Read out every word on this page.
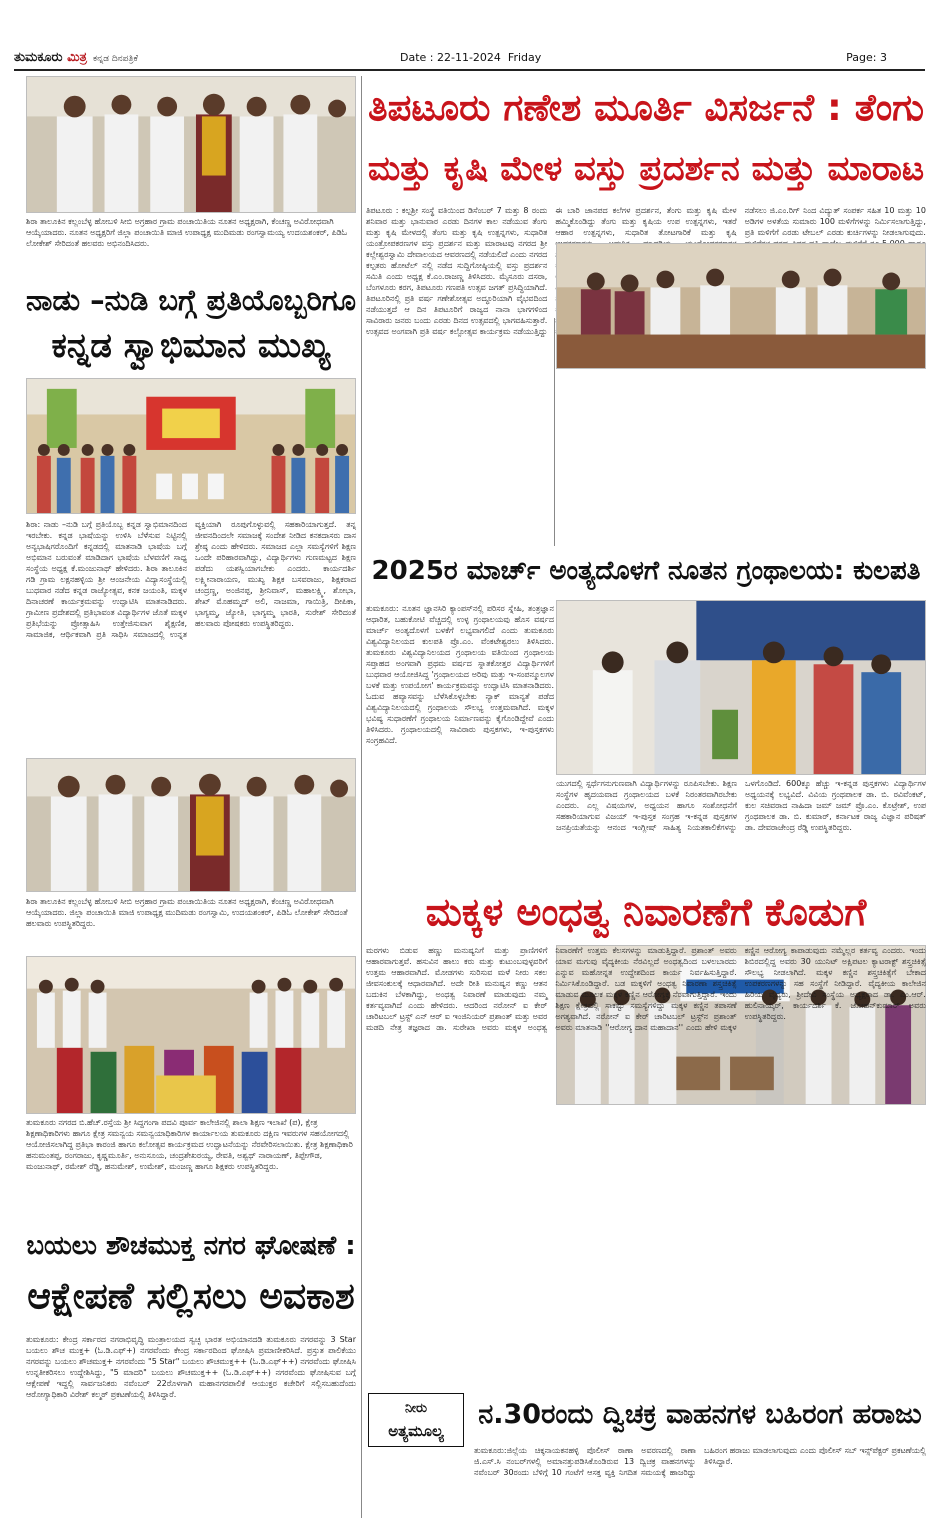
ತುಮಕೂರು ಮಿತ್ರ ಕನ್ನಡ ದಿನಪತ್ರಿಕೆ	Date : 22-11-2024 Friday	Page: 3
ಶಿರಾ ತಾಲೂಕಿನ ಕಲ್ಲಂಬೆಳ್ಳ ಹೋಬಳಿ ಸೀಬಿ ಅಗ್ರಹಾರ ಗ್ರಾಮ ಪಂಚಾಯಿತಿಯ ನೂತನ ಅಧ್ಯಕ್ಷರಾಗಿ, ಕೆಂಚಣ್ಣ ಅವಿರೋಧವಾಗಿ ಆಯ್ಕೆಯಾದರು. ನೂತನ ಅಧ್ಯಕ್ಷರಿಗೆ ಜಿಲ್ಲಾ ಪಂಚಾಯಿತಿ ಮಾಜಿ ಉಪಾಧ್ಯಕ್ಷ ಮುದಿಮಡು ರಂಗಸ್ವಾಮಯ್ಯ ಉದಯಶಂಕರ್, ಪಿಡಿಓ ಲೋಕೇಶ್ ಸೇರಿದಂತೆ ಹಲವರು ಅಭಿನಂದಿಸಿದರು.
ನಾಡು –ನುಡಿ ಬಗ್ಗೆ ಪ್ರತಿಯೊಬ್ಬರಿಗೂ
ಕನ್ನಡ ಸ್ವಾಭಿಮಾನ ಮುಖ್ಯ
ಶಿರಾ: ನಾಡು –ನುಡಿ ಬಗ್ಗೆ ಪ್ರತಿಯೊಬ್ಬ ಕನ್ನಡ ಸ್ವಾಭಿಮಾನದಿಂದ ಇರಬೇಕು. ಕನ್ನಡ ಭಾಷೆಯನ್ನು ಉಳಿಸಿ ಬೆಳೆಸುವ ನಿಟ್ಟಿನಲ್ಲಿ ಅನ್ಯಭಾಷಿಗರೊಂದಿಗೆ ಕನ್ನಡದಲ್ಲಿ ಮಾತನಾಡಿ ಭಾಷೆಯ ಬಗ್ಗೆ ಅಭಿಮಾನ ಬರುವಂತೆ ಮಾಡಿದಾಗ ಭಾಷೆಯ ಬೆಳವಣಿಗೆ ಸಾಧ್ಯ ಸಂಸ್ಥೆಯ ಅಧ್ಯಕ್ಷ ಕೆ.ಮಂಜುನಾಥ್ ಹೇಳಿದರು. ಶಿರಾ ತಾಲೂಕಿನ ಗಡಿ ಗ್ರಾಮ ಲಕ್ಷನಹಳ್ಳಿಯ ಶ್ರೀ ಆಂಜನೇಯ ವಿದ್ಯಾಸಂಸ್ಥೆಯಲ್ಲಿ ಬುಧವಾರ ನಡೆದ ಕನ್ನಡ ರಾಜ್ಯೋತ್ಸವ, ಕನಕ ಜಯಂತಿ, ಮಕ್ಕಳ ದಿನಾಚರಣೆ ಕಾರ್ಯಕ್ರಮವನ್ನು ಉದ್ಘಾಟಿಸಿ ಮಾತನಾಡಿದರು. ಗ್ರಾಮೀಣ ಪ್ರದೇಶದಲ್ಲಿ ಪ್ರತಿಭಾವಂತ ವಿದ್ಯಾರ್ಥಿಗಳ ಜೊತೆ ಮಕ್ಕಳ ಪ್ರತಿಭೆಯನ್ನು ಪ್ರೋತ್ಸಾಹಿಸಿ ಉತ್ತೇಜಿಸುವಾಗ ಶೈಕ್ಷಣಿಕ, ಸಾಮಾಜಿಕ, ಆರ್ಥಿಕವಾಗಿ ಪ್ರತಿ ಸಾಧಿಸಿ ಸಮಾಜದಲ್ಲಿ ಉನ್ನತ ವ್ಯಕ್ತಿಯಾಗಿ ರೂಪುಗೊಳ್ಳುವಲ್ಲಿ ಸಹಕಾರಿಯಾಗುತ್ತದೆ. ತನ್ನ ಜೀವನದಿಂದಲೇ ಸಮಾಜಕ್ಕೆ ಸಂದೇಶ ನೀಡಿದ ಕನಕದಾಸರು ದಾಸ ಶ್ರೇಷ್ಠ ಎಂದು ಹೇಳಿದರು. ಸಮಾಜದ ಎಲ್ಲಾ ಸಮಸ್ಯೆಗಳಿಗೆ ಶಿಕ್ಷಣ ಒಂದೇ ಪರಿಹಾರವಾಗಿದ್ದು, ವಿದ್ಯಾರ್ಥಿಗಳು ಗುಣಮಟ್ಟದ ಶಿಕ್ಷಣ ಪಡೆದು ಯಶಸ್ವಿಯಾಗಬೇಕು ಎಂದರು. ಕಾರ್ಯದರ್ಶಿ ಲಕ್ಷ್ಮೀನಾರಾಯಣ, ಮುಖ್ಯ ಶಿಕ್ಷಕ ಬಸವರಾಜು, ಶಿಕ್ಷಕರಾದ ಚಂದ್ರಣ್ಣ, ಅಂಜಿನಪ್ಪ, ಶ್ರೀನಿವಾಸ್, ಮಹಾಲಕ್ಷ್ಮಿ, ಶೋಭಾ, ಶೇಖ್ ಮೊಹಮ್ಮದ್ ಅಲಿ, ನಾಜಮಾ, ಗಾಯಿತ್ರಿ, ದೀಪಿಕಾ, ಭಾಗ್ಯಮ್ಮ, ಜ್ಯೋತಿ, ಭಾಗ್ಯಮ್ಮ ಭಾರತಿ, ಸುರೇಶ್ ಸೇರಿದಂತೆ ಹಲವಾರು ಪೋಷಕರು ಉಪಸ್ಥಿತರಿದ್ದರು.
ಶಿರಾ ತಾಲೂಕಿನ ಕಲ್ಲಂಬೆಳ್ಳ ಹೋಬಳಿ ಸೀಬಿ ಅಗ್ರಹಾರ ಗ್ರಾಮ ಪಂಚಾಯಿತಿಯ ನೂತನ ಅಧ್ಯಕ್ಷರಾಗಿ, ಕೆಂಚಣ್ಣ ಅವಿರೋಧವಾಗಿ ಆಯ್ಕೆಯಾದರು. ಜಿಲ್ಲಾ ಪಂಚಾಯಿತಿ ಮಾಜಿ ಉಪಾಧ್ಯಕ್ಷ ಮುದಿಮಡು ರಂಗಸ್ವಾಮಿ, ಉದಯಶಂಕರ್, ಪಿಡಿಓ ಲೋಕೇಶ್ ಸೇರಿದಂತೆ ಹಲವಾರು ಉಪಸ್ಥಿತರಿದ್ದರು.
ತುಮಕೂರು ನಗರದ ಬಿ.ಹೆಚ್.ರಸ್ತೆಯ ಶ್ರೀ ಸಿದ್ದಗಂಗಾ ಪದವಿ ಪೂರ್ವ ಕಾಲೇಜಿನಲ್ಲಿ ಶಾಲಾ ಶಿಕ್ಷಣ ಇಲಾಖೆ (ಪ), ಕ್ಷೇತ್ರ ಶಿಕ್ಷಣಾಧಿಕಾರಿಗಳು ಹಾಗೂ ಕ್ಷೇತ್ರ ಸಮನ್ವಯ ಸಮನ್ವಯಾಧಿಕಾರಿಗಳ ಕಾರ್ಯಾಲಯ ತುಮಕೂರು ದಕ್ಷಿಣ ಇವರುಗಳ ಸಹಯೋಗದಲ್ಲಿ ಆಯೋಜಿಸಲಾಗಿದ್ದ ಪ್ರತಿಭಾ ಕಾರಂಜಿ ಹಾಗೂ ಕಲೋತ್ಸವ ಕಾರ್ಯಕ್ರಮದ ಉದ್ಘಾಟನೆಯನ್ನು ನೆರವೇರಿಸಲಾಯಿತು. ಕ್ಷೇತ್ರ ಶಿಕ್ಷಣಾಧಿಕಾರಿ ಹನುಮಂತಪ್ಪ, ರಂಗರಾಜು, ಕೃಷ್ಣಮೂರ್ತಿ, ಅನುಸೂಯ, ಚಂದ್ರಶೇಖರಯ್ಯ, ರೇವತಿ, ಅಶ್ವಥ್ ನಾರಾಯಣ್, ತಿಪ್ಪೇಗೌಡ, ಮಂಜುನಾಥ್, ರಮೇಶ್ ರೆಡ್ಡಿ, ಹನುಮೇಶ್, ಉಮೇಶ್, ಮಂಜಣ್ಣ ಹಾಗೂ ಶಿಕ್ಷಕರು ಉಪಸ್ಥಿತರಿದ್ದರು.
ಬಯಲು ಶೌಚಮುಕ್ತ ನಗರ ಘೋಷಣೆ :
ಆಕ್ಷೇಪಣೆ ಸಲ್ಲಿಸಲು ಅವಕಾಶ
ತುಮಕೂರು: ಕೇಂದ್ರ ಸರ್ಕಾರದ ನಗರಾಭಿವೃದ್ಧಿ ಮಂತ್ರಾಲಯದ ಸ್ವಚ್ಛ ಭಾರತ ಅಭಿಯಾನದಡಿ ತುಮಕೂರು ನಗರವನ್ನು 3 Star ಬಯಲು ಶೌಚ ಮುಕ್ತ+ (ಓ.ಡಿ.ಎಫ್+) ನಗರವೆಂದು ಕೇಂದ್ರ ಸರ್ಕಾರದಿಂದ ಘೋಷಿಸಿ ಪ್ರಮಾಣೀಕರಿಸಿದೆ. ಪ್ರಸ್ತುತ ಪಾಲಿಕೆಯು ನಗರವನ್ನು ಬಯಲು ಶೌಚಮುಕ್ತ+ ನಗರವೆಂದು "5 Star" ಬಯಲು ಶೌಚಮುಕ್ತ++ (ಓ.ಡಿ.ಎಫ್++) ನಗರವೆಂದು ಘೋಷಿಸಿ ಉನ್ನತೀಕರಿಸಲು ಉದ್ದೇಶಿಸಿದ್ದು, "5 ಮಾದರಿ" ಬಯಲು ಶೌಚಮುಕ್ತ++ (ಓ.ಡಿ.ಎಫ್++) ನಗರವೆಂದು ಘೋಷಿಸುವ ಬಗ್ಗೆ ಆಕ್ಷೇಪಣೆ ಇದ್ದಲ್ಲಿ ಸಾರ್ವಜನಿಕರು ನವೆಂಬರ್ 22ರೊಳಗಾಗಿ ಮಹಾನಗರಪಾಲಿಕೆ ಆಯುಕ್ತರ ಕಚೇರಿಗೆ ಸಲ್ಲಿಸಬಹುದೆಂದು ಆರೋಗ್ಯಾಧಿಕಾರಿ ವಿರೇಶ್ ಕಲ್ಮಠ್ ಪ್ರಕಟಣೆಯಲ್ಲಿ ತಿಳಿಸಿದ್ದಾರೆ.
ತಿಪಟೂರು ಗಣೇಶ ಮೂರ್ತಿ ವಿಸರ್ಜನೆ : ತೆಂಗು
ಮತ್ತು ಕೃಷಿ ಮೇಳ ವಸ್ತು ಪ್ರದರ್ಶನ ಮತ್ತು ಮಾರಾಟ
ತಿಪಟೂರು : ಕಲ್ಪಶ್ರೀ ಸಂಸ್ಥೆ ವತಿಯಿಂದ ಡಿಸೆಂಬರ್ 7 ಮತ್ತು 8 ರಂದು ಶನಿವಾರ ಮತ್ತು ಭಾನುವಾರ ಎರಡು ದಿನಗಳ ಕಾಲ ನಡೆಯುವ ತೆಂಗು ಮತ್ತು ಕೃಷಿ ಮೇಳದಲ್ಲಿ ತೆಂಗು ಮತ್ತು ಕೃಷಿ ಉತ್ಪನ್ನಗಳು, ಸುಧಾರಿತ ಯಂತ್ರೋಪಕರಣಗಳ ವಸ್ತು ಪ್ರದರ್ಶನ ಮತ್ತು ಮಾರಾಟವು ನಗರದ ಶ್ರೀ ಕಲ್ಲೇಶ್ವರಸ್ವಾಮಿ ದೇವಾಲಯದ ಆವರಣದಲ್ಲಿ ನಡೆಯಲಿದೆ ಎಂದು ನಗರದ ಕಲ್ಪತರು ಹೋಟೆಲ್ ನಲ್ಲಿ ನಡೆದ ಸುದ್ದಿಗೋಷ್ಠಿಯಲ್ಲಿ ವಸ್ತು ಪ್ರದರ್ಶನ ಸಮಿತಿ ಎಂದು ಅಧ್ಯಕ್ಷ ಕೆ.ಎಂ.ರಾಜಣ್ಣ ತಿಳಿಸಿದರು. ಮೈಸೂರು ದಸರಾ, ಬೆಂಗಳೂರು ಕರಗ, ತಿಪಟೂರು ಗಣಪತಿ ಉತ್ಸವ ಜಗತ್ ಪ್ರಸಿದ್ಧಿಯಾಗಿದೆ. ತಿಪಟೂರಿನಲ್ಲಿ ಪ್ರತಿ ವರ್ಷ ಗಣೇಶೋತ್ಸವ ಅದ್ಧೂರಿಯಾಗಿ ವೈಭವದಿಂದ ನಡೆಯುತ್ತದೆ ಆ ದಿನ ತಿಪಟೂರಿಗೆ ರಾಜ್ಯದ ನಾನಾ ಭಾಗಗಳಿಂದ ಸಾವಿರಾರು ಜನರು ಬಂದು ಎರಡು ದಿನದ ಉತ್ಸವದಲ್ಲಿ ಭಾಗವಹಿಸುತ್ತಾರೆ. ಉತ್ಸವದ ಅಂಗವಾಗಿ ಪ್ರತಿ ವರ್ಷ ಕಲ್ಪೋತ್ಸವ ಕಾರ್ಯಕ್ರಮ ನಡೆಯುತ್ತಿದ್ದು ಈ ಬಾರಿ ಜಾನಪದ ಕಲೆಗಳ ಪ್ರದರ್ಶನ, ತೆಂಗು ಮತ್ತು ಕೃಷಿ ಮೇಳ ಹಮ್ಮಿಕೊಂಡಿದ್ದು ತೆಂಗು ಮತ್ತು ಕೃಷಿಯ ಉಪ ಉತ್ಪನ್ನಗಳು, ಇತರೆ ಆಹಾರ ಉತ್ಪನ್ನಗಳು, ಸುಧಾರಿತ ತೋಟಗಾರಿಕೆ ಮತ್ತು ಕೃಷಿ ನಡೆಸಲು ಜಿ.ಎಂ.ರಿಗ್ ನಿಂದ ವಿದ್ಯುತ್ ಸಂಪರ್ಕ ಸಹಿತ 10 ಮತ್ತು 10 ಅಡಿಗಳ ಅಳತೆಯ ಸುಮಾರು 100 ಮಳಿಗೆಗಳನ್ನು ನಿರ್ಮಿಸಲಾಗುತ್ತಿದ್ದು, ಪ್ರತಿ ಮಳಿಗೆಗೆ ಎರಡು ಟೇಬಲ್ ಎರಡು ಕುರ್ಚಿಗಳನ್ನು ನೀಡಲಾಗುವುದು.
2025ರ ಮಾರ್ಚ್ ಅಂತ್ಯದೊಳಗೆ ನೂತನ ಗ್ರಂಥಾಲಯ: ಕುಲಪತಿ
ತುಮಕೂರು: ನೂತನ ಜ್ಞಾನಸಿರಿ ಕ್ಯಾಂಪಸ್‌ನಲ್ಲಿ ಪರಿಸರ ಸ್ನೇಹಿ, ತಂತ್ರಜ್ಞಾನ ಆಧಾರಿತ, ಬಹುಕೋಟಿ ವೆಚ್ಚದಲ್ಲಿ ಉಳ್ಳ ಗ್ರಂಥಾಲಯವು ಹೊಸ ವರ್ಷದ ಮಾರ್ಚ್ ಅಂತ್ಯದೊಳಗೆ ಬಳಕೆಗೆ ಲಭ್ಯವಾಗಲಿದೆ ಎಂದು ತುಮಕೂರು ವಿಶ್ವವಿದ್ಯಾನಿಲಯದ ಕುಲಪತಿ ಪ್ರೊ.ಎಂ. ವೆಂಕಟೇಶ್ವರಲು ತಿಳಿಸಿದರು. ತುಮಕೂರು ವಿಶ್ವವಿದ್ಯಾನಿಲಯದ ಗ್ರಂಥಾಲಯ ವತಿಯಿಂದ ಗ್ರಂಥಾಲಯ ಸಪ್ತಾಹದ ಅಂಗವಾಗಿ ಪ್ರಥಮ ವರ್ಷದ ಸ್ನಾತಕೋತ್ತರ ವಿದ್ಯಾರ್ಥಿಗಳಿಗೆ ಬುಧವಾರ ಆಯೋಜಿಸಿದ್ದ 'ಗ್ರಂಥಾಲಯದ ಅರಿವು ಮತ್ತು ಇ-ಸಂಪನ್ಮೂಲಗಳ ಬಳಕೆ ಮತ್ತು ಉಪಯೋಗ' ಕಾರ್ಯಕ್ರಮವನ್ನು ಉದ್ಘಾಟಿಸಿ ಮಾತನಾಡಿದರು. ಓದುವ ಹವ್ಯಾಸವನ್ನು ಬೆಳೆಸಿಕೊಳ್ಳಬೇಕು ನ್ಯಾಕ್ ಮಾನ್ಯತೆ ಪಡೆದ ವಿಶ್ವವಿದ್ಯಾನಿಲಯದಲ್ಲಿ ಗ್ರಂಥಾಲಯ ಸೌಲಭ್ಯ ಉತ್ತಮವಾಗಿದೆ. ಮಕ್ಕಳ ಭವಿಷ್ಯ ಸುಧಾರಣೆಗೆ ಗ್ರಂಥಾಲಯ ನಿರ್ಮಾಣವನ್ನು ಕೈಗೊಂಡಿದ್ದೇವೆ ಎಂದು ತಿಳಿಸಿದರು. ಗ್ರಂಥಾಲಯದಲ್ಲಿ ಸಾವಿರಾರು ಪುಸ್ತಕಗಳು, ಇ-ಪುಸ್ತಕಗಳು ಸಂಗ್ರಹವಿದೆ.
ಯುಗದಲ್ಲಿ ಸ್ಪರ್ಧೆಗನುಗುಣವಾಗಿ ವಿದ್ಯಾರ್ಥಿಗಳನ್ನು ರೂಪಿಸಬೇಕು. ಶಿಕ್ಷಣ ಸಂಸ್ಥೆಗಳ ಹೃದಯವಾದ ಗ್ರಂಥಾಲಯದ ಬಳಕೆ ನಿರಂತರವಾಗಿರಬೇಕು ಎಂದರು. ಎಲ್ಲ ವಿಷಯಗಳ, ಅಧ್ಯಯನ ಹಾಗೂ ಸಂಶೋಧನೆಗೆ ಸಹಕಾರಿಯಾಗುವ ವಿಜಯ್ ಇ-ಪುಸ್ತಕ ಸಂಗ್ರಹ ಇ-ಕನ್ನಡ ಪುಸ್ತಕಗಳ ಜನಪ್ರಿಯತೆಯನ್ನು ಆನಂದ ಇಂಗ್ಲೀಷ್ ಸಾಹಿತ್ಯ ನಿಯತಕಾಲಿಕೆಗಳನ್ನು ಒಳಗೊಂಡಿದೆ. 600ಕ್ಕೂ ಹೆಚ್ಚು ಇ-ಕನ್ನಡ ಪುಸ್ತಕಗಳು ವಿದ್ಯಾರ್ಥಿಗಳ ಅಧ್ಯಯನಕ್ಕೆ ಲಭ್ಯವಿದೆ. ವಿವಿಯ ಗ್ರಂಥಪಾಲಕ ಡಾ. ಬಿ. ರವಿವೆಂಕಟ್, ಕುಲ ಸಚಿವರಾದ ನಾಹಿದಾ ಜಮ್‌ ಜಮ್ ಪ್ರೊ.ಎಂ. ಕೊಟ್ರೇಶ್, ಉಪ ಗ್ರಂಥಪಾಲಕ ಡಾ. ಬಿ. ಕುಮಾರ್, ಕರ್ನಾಟಕ ರಾಜ್ಯ ವಿಜ್ಞಾನ ಪರಿಷತ್ ಡಾ. ದೇವರಾಜೇಂದ್ರ ರೆಡ್ಡಿ ಉಪಸ್ಥಿತರಿದ್ದರು.
ಮಕ್ಕಳ ಅಂಧತ್ವ ನಿವಾರಣೆಗೆ ಕೊಡುಗೆ
ಮರಗಳು ಬಿಡುವ ಹಣ್ಣು ಮನುಷ್ಯನಿಗೆ ಮತ್ತು ಪ್ರಾಣಿಗಳಿಗೆ ಆಹಾರವಾಗುತ್ತವೆ. ಹಸುವಿನ ಹಾಲು ಕರು ಮತ್ತು ಕುಟುಂಬವುಳ್ಳವರಿಗೆ ಉತ್ತಮ ಆಹಾರವಾಗಿದೆ. ಮೋಡಗಳು ಸುರಿಸುವ ಮಳೆ ನೀರು ಸಕಲ ಜೀವಸಂಕುಲಕ್ಕೆ ಆಧಾರವಾಗಿದೆ. ಅದೇ ರೀತಿ ಮನುಷ್ಯನ ಕಣ್ಣು ಆತನ ಬದುಕಿನ ಬೆಳಕಾಗಿದ್ದು, ಅಂಧತ್ವ ನಿವಾರಣೆ ಮಾಡುವುದು ನಮ್ಮ ಕರ್ತವ್ಯವಾಗಿದೆ ಎಂದು ಹೇಳಿದರು. ಆದರಿಂದ ನರೋನ್ ಐ ಕೇರ್ ಚಾರಿಟಬಲ್ ಟ್ರಸ್ಟ್ ಎನ್ ಆರ್ ಐ ಇಂಜಿನಿಯರ್ ಪ್ರಶಾಂತ್ ಮತ್ತು ಅವರ ಮಡದಿ ನೇತ್ರ ತಜ್ಞರಾದ ಡಾ. ಸುರೇಖಾ ಅವರು ಮಕ್ಕಳ ಅಂಧತ್ವ ನಿವಾರಣೆಗೆ ಉತ್ತಮ ಕೆಲಸಗಳನ್ನು ಮಾಡುತ್ತಿದ್ದಾರೆ. ಪ್ರಶಾಂತ್ ಅವರು ಯಾವ ಮಗುವು ವೈದ್ಯಕೀಯ ನೆರವಿಲ್ಲದೆ ಅಂಧತ್ವದಿಂದ ಬಳಲಬಾರದು ಎನ್ನುವ ಮಹೋನ್ನತ ಉದ್ದೇಶದಿಂದ ಕಾರ್ಯ ನಿರ್ವಹಿಸುತ್ತಿದ್ದಾರೆ. ನಿರ್ಮಿಸಿಕೊಂಡಿದ್ದಾರೆ. ಬಡ ಮಕ್ಕಳಿಗೆ ಅಂಧತ್ವ ನಿವಾರಣಾ ಶಸ್ತ್ರಚಿಕಿತ್ಸೆ ಮಾಡುವ ಮೂಲಕ ಮಕ್ಕಳ ಕಣ್ಣಿನ ಆರೋಗ್ಯಕ್ಕೆ ನೆರವಾಗುತ್ತಿದ್ದಾರೆ. ಇಂದು ಶಿಕ್ಷಣ ಕ್ಷೇತ್ರದಲ್ಲಿ ಸಾಕಷ್ಟು ಸಮಸ್ಯೆಗಳಿದ್ದು ಮಕ್ಕಳ ಕಣ್ಣಿನ ತಪಾಸಣೆ ಅಗತ್ಯವಾಗಿದೆ. ನರೋನ್ ಐ ಕೇರ್ ಚಾರಿಟಬಲ್ ಟ್ರಸ್ಟ್‌ನ ಪ್ರಶಾಂತ್ ಅವರು ಮಾತನಾಡಿ ''ಆರೋಗ್ಯ ದಾನ ಮಹಾದಾನ'' ಎಂದು ಹೇಳಿ ಮಕ್ಕಳ ಕಣ್ಣಿನ ಆರೋಗ್ಯ ಕಾಪಾಡುವುದು ನಮ್ಮೆಲ್ಲರ ಕರ್ತವ್ಯ ಎಂದರು. ಇಂದು ಶಿಬಿರದಲ್ಲಿದ್ದ ಅವರು 30 ಯುನಿಟ್ ಅಕ್ಷಿಪಟಲ ಕ್ಯಾಟರಾಕ್ಟ್ ಶಸ್ತ್ರಚಿಕಿತ್ಸೆ ಸೌಲಭ್ಯ ನೀಡಲಾಗಿದೆ. ಮಕ್ಕಳ ಕಣ್ಣಿನ ಶಸ್ತ್ರಚಿಕಿತ್ಸೆಗೆ ಬೇಕಾದ ಉಪಕರಣಗಳನ್ನು ಸಹ ಸಂಸ್ಥೆಗೆ ನೀಡಿದ್ದಾರೆ. ವೈದ್ಯಕೀಯ ಕಾಲೇಜಿನ ಹಿರಿಯ ವೈದ್ಯರು, ಶ್ರೀದೇವಿ ಸಂಸ್ಥೆಯ ಅಧ್ಯಕ್ಷರಾದ ಡಾ. ಎಂ.ಆರ್. ಹುಲಿನಾಯ್ಕರ್, ಕಾರ್ಯದರ್ಶಿ ಕೆ. ಜೋಹನ್‌ಕುಮಾರ್ ಅವರು ಉಪಸ್ಥಿತರಿದ್ದರು.
ನೀರು
ಅತ್ಯಮೂಲ್ಯ
ನ.30ರಂದು ದ್ವಿಚಕ್ರ ವಾಹನಗಳ ಬಹಿರಂಗ ಹರಾಜು
ತುಮಕೂರು:ಜಿಲ್ಲೆಯ ಚಿಕ್ಕನಾಯಕನಹಳ್ಳಿ ಪೊಲೀಸ್ ಠಾಣಾ ಅವರಣದಲ್ಲಿ ಠಾಣಾ ಜಿ.ಎಸ್.ಸಿ ನಂಬರ್‌ಗಳಲ್ಲಿ ಅಮಾನತ್ತುಪಡಿಸಿಕೊಂಡಿರುವ 13 ದ್ವಿಚಕ್ರ ವಾಹನಗಳನ್ನು ನವೆಂಬರ್ 30ರಂದು ಬೆಳಿಗ್ಗೆ 10 ಗಂಟೆಗೆ ಆಸಕ್ತ ವ್ಯಕ್ತಿ ನಿಗದಿತ ಸಮಯಕ್ಕೆ ಹಾಜರಿದ್ದು ಬಹಿರಂಗ ಹರಾಜು ಮಾಡಲಾಗುವುದು ಎಂದು ಪೊಲೀಸ್ ಸಬ್ ಇನ್ಸ್‌ಪೆಕ್ಟರ್ ಪ್ರಕಟಣೆಯಲ್ಲಿ ತಿಳಿಸಿದ್ದಾರೆ.
